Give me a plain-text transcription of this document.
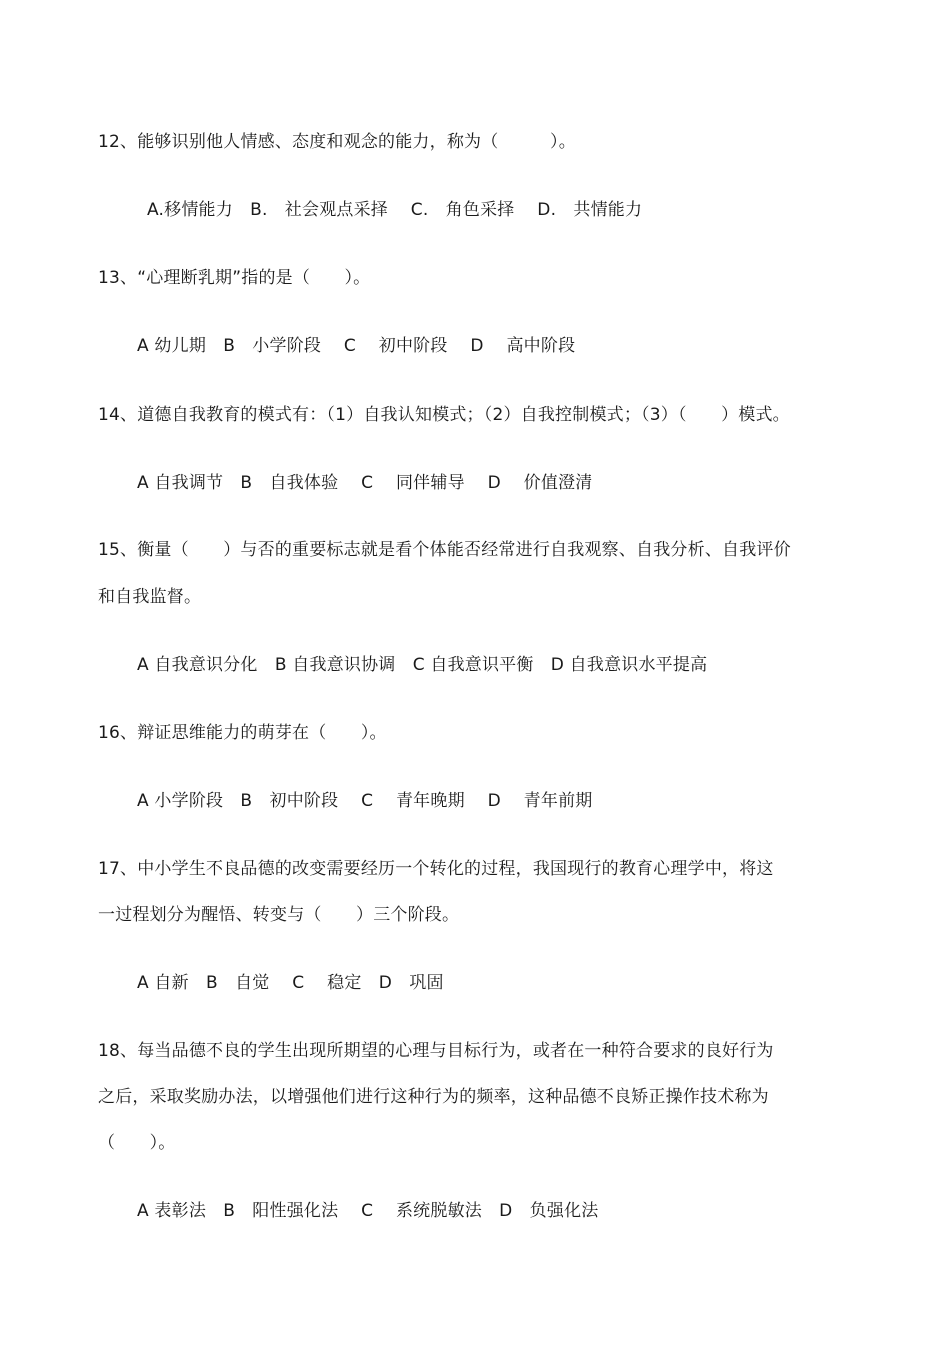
12、能够识别他人情感、态度和观念的能力，称为（　　　）。
A.移情能力　B.　社会观点采择　 C.　角色采择　 D.　共情能力
13、“心理断乳期”指的是（　　）。
A 幼儿期　B　小学阶段　 C　 初中阶段　 D　 高中阶段
14、道德自我教育的模式有：（1）自我认知模式；（2）自我控制模式；（3）（　　）模式。
A 自我调节　B　自我体验　 C　 同伴辅导　 D　 价值澄清
15、衡量（　　）与否的重要标志就是看个体能否经常进行自我观察、自我分析、自我评价
和自我监督。
A 自我意识分化　B 自我意识协调　C 自我意识平衡　D 自我意识水平提高
16、辩证思维能力的萌芽在（　　）。
A 小学阶段　B　初中阶段　 C　 青年晚期　 D　 青年前期
17、中小学生不良品德的改变需要经历一个转化的过程，我国现行的教育心理学中，将这
一过程划分为醒悟、转变与（　　）三个阶段。
A 自新　B　自觉　 C　 稳定　D　巩固
18、每当品德不良的学生出现所期望的心理与目标行为，或者在一种符合要求的良好行为
之后，采取奖励办法，以增强他们进行这种行为的频率，这种品德不良矫正操作技术称为
（　　）。
A 表彰法　B　阳性强化法　 C　 系统脱敏法　D　负强化法
